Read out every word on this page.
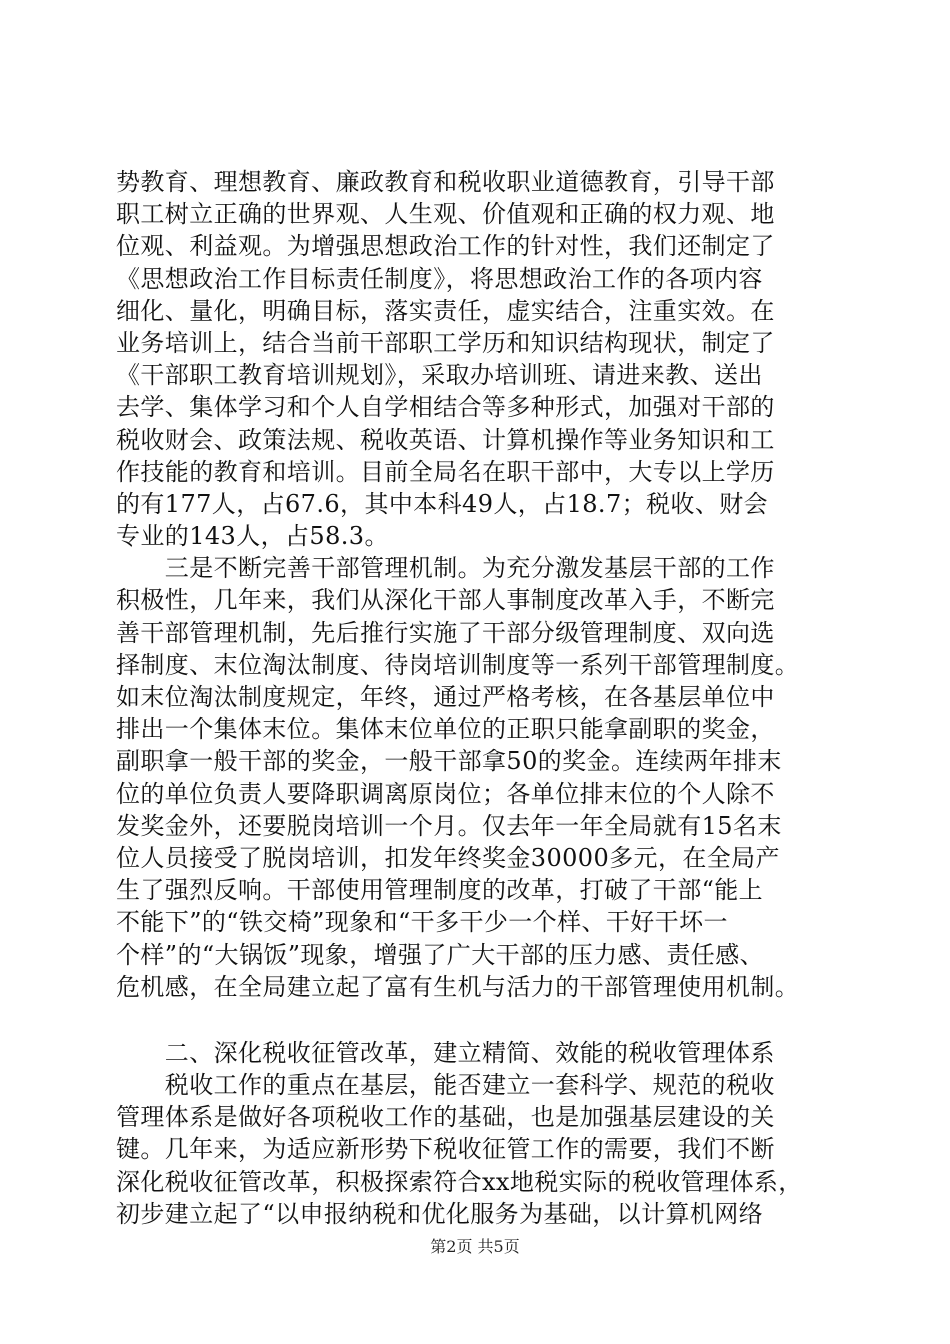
势教育、理想教育、廉政教育和税收职业道德教育，引导干部
职工树立正确的世界观、人生观、价值观和正确的权力观、地
位观、利益观。为增强思想政治工作的针对性，我们还制定了
《思想政治工作目标责任制度》，将思想政治工作的各项内容
细化、量化，明确目标，落实责任，虚实结合，注重实效。在
业务培训上，结合当前干部职工学历和知识结构现状，制定了
《干部职工教育培训规划》，采取办培训班、请进来教、送出
去学、集体学习和个人自学相结合等多种形式，加强对干部的
税收财会、政策法规、税收英语、计算机操作等业务知识和工
作技能的教育和培训。目前全局名在职干部中，大专以上学历
的有177人，占67.6，其中本科49人，占18.7；税收、财会
专业的143人，占58.3。
　　三是不断完善干部管理机制。为充分激发基层干部的工作
积极性，几年来，我们从深化干部人事制度改革入手，不断完
善干部管理机制，先后推行实施了干部分级管理制度、双向选
择制度、末位淘汰制度、待岗培训制度等一系列干部管理制度。
如末位淘汰制度规定，年终，通过严格考核，在各基层单位中
排出一个集体末位。集体末位单位的正职只能拿副职的奖金，
副职拿一般干部的奖金，一般干部拿50的奖金。连续两年排末
位的单位负责人要降职调离原岗位；各单位排末位的个人除不
发奖金外，还要脱岗培训一个月。仅去年一年全局就有15名末
位人员接受了脱岗培训，扣发年终奖金30000多元，在全局产
生了强烈反响。干部使用管理制度的改革，打破了干部“能上
不能下”的“铁交椅”现象和“干多干少一个样、干好干坏一
个样”的“大锅饭”现象，增强了广大干部的压力感、责任感、
危机感，在全局建立起了富有生机与活力的干部管理使用机制。
　　二、深化税收征管改革，建立精简、效能的税收管理体系
　　税收工作的重点在基层，能否建立一套科学、规范的税收
管理体系是做好各项税收工作的基础，也是加强基层建设的关
键。几年来，为适应新形势下税收征管工作的需要，我们不断
深化税收征管改革，积极探索符合xx地税实际的税收管理体系，
初步建立起了“以申报纳税和优化服务为基础，以计算机网络
第2页 共5页
